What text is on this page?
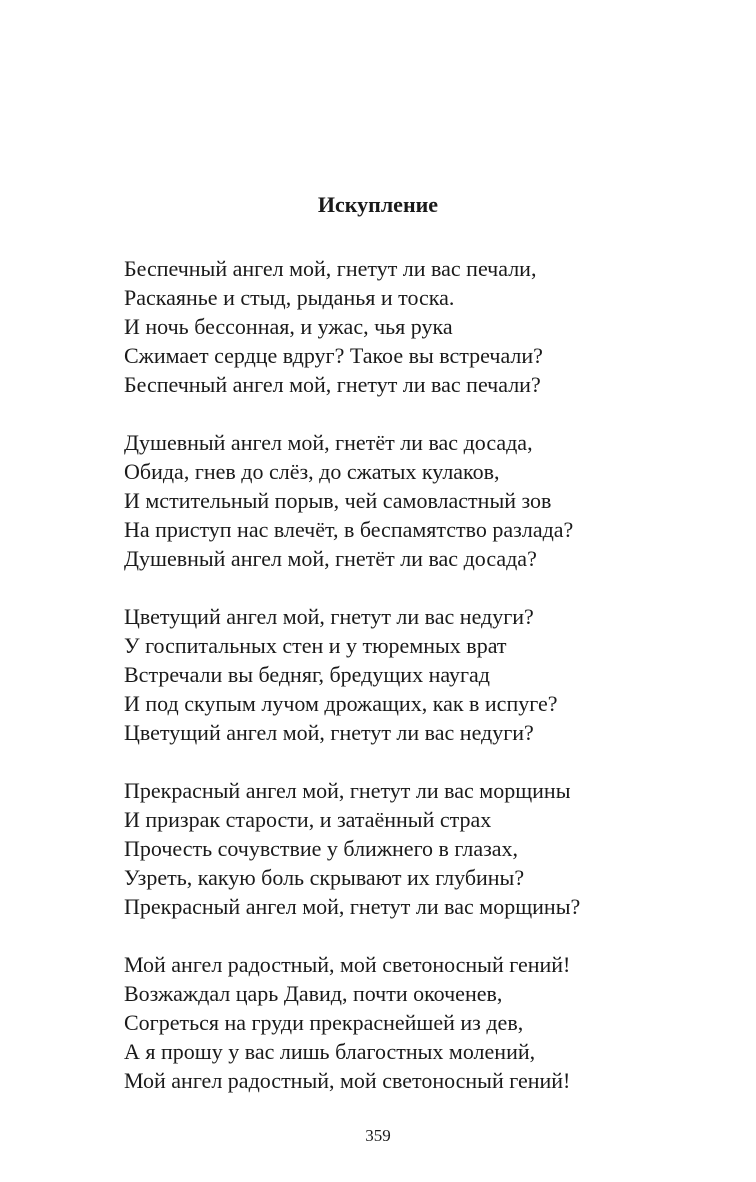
Искупление
Беспечный ангел мой, гнетут ли вас печали,
Раскаянье и стыд, рыданья и тоска.
И ночь бессонная, и ужас, чья рука
Сжимает сердце вдруг? Такое вы встречали?
Беспечный ангел мой, гнетут ли вас печали?
Душевный ангел мой, гнетёт ли вас досада,
Обида, гнев до слёз, до сжатых кулаков,
И мстительный порыв, чей самовластный зов
На приступ нас влечёт, в беспамятство разлада?
Душевный ангел мой, гнетёт ли вас досада?
Цветущий ангел мой, гнетут ли вас недуги?
У госпитальных стен и у тюремных врат
Встречали вы бедняг, бредущих наугад
И под скупым лучом дрожащих, как в испуге?
Цветущий ангел мой, гнетут ли вас недуги?
Прекрасный ангел мой, гнетут ли вас морщины
И призрак старости, и затаённый страх
Прочесть сочувствие у ближнего в глазах,
Узреть, какую боль скрывают их глубины?
Прекрасный ангел мой, гнетут ли вас морщины?
Мой ангел радостный, мой светоносный гений!
Возжаждал царь Давид, почти окоченев,
Согреться на груди прекраснейшей из дев,
А я прошу у вас лишь благостных молений,
Мой ангел радостный, мой светоносный гений!
359
